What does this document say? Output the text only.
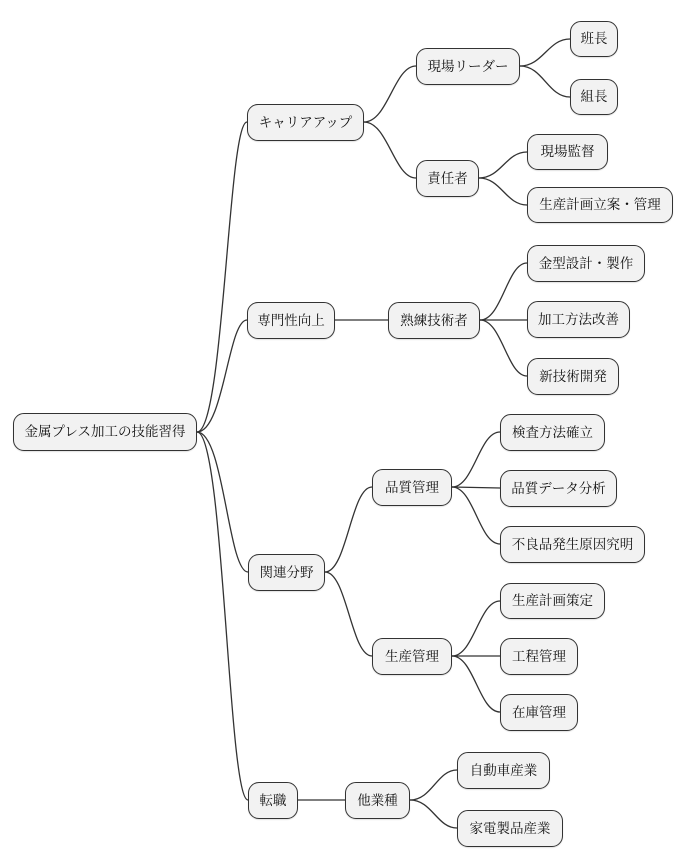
金属プレス加工の技能習得
キャリアアップ
専門性向上
関連分野
転職
現場リーダー
責任者
班長
組長
現場監督
生産計画立案・管理
熟練技術者
金型設計・製作
加工方法改善
新技術開発
品質管理
検査方法確立
品質データ分析
不良品発生原因究明
生産管理
生産計画策定
工程管理
在庫管理
他業種
自動車産業
家電製品産業
